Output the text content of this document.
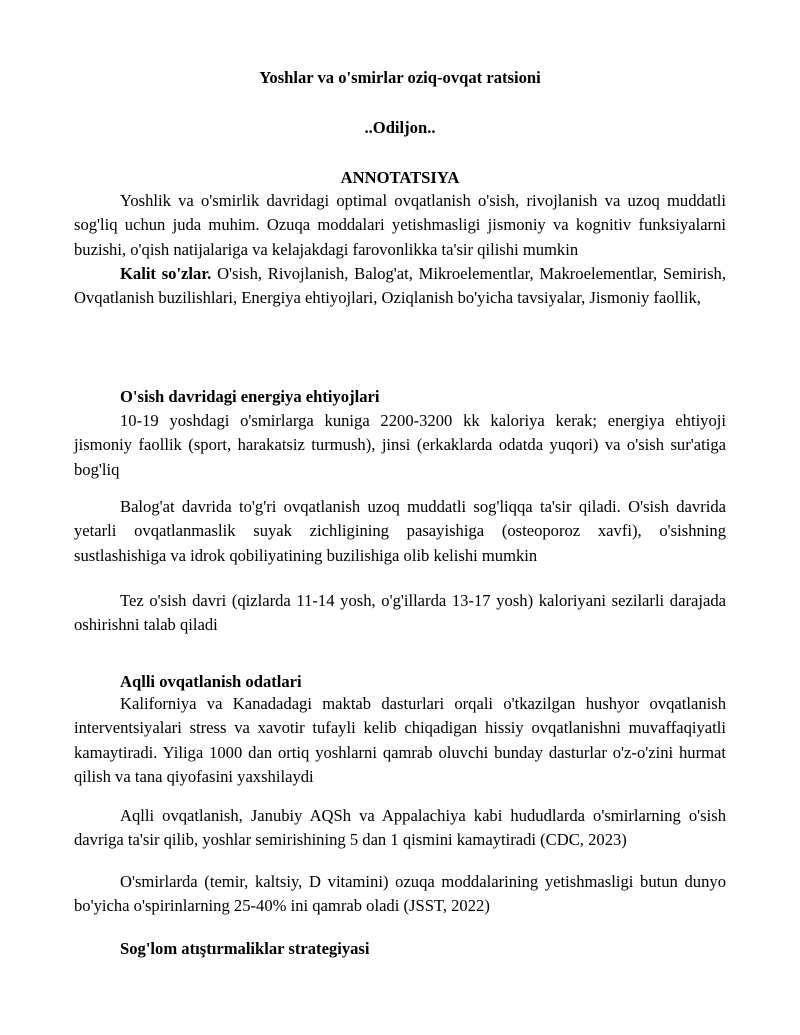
Yoshlar va o'smirlar oziq-ovqat ratsioni
..Odiljon..
ANNOTATSIYA
Yoshlik va o'smirlik davridagi optimal ovqatlanish o'sish, rivojlanish va uzoq muddatli sog'liq uchun juda muhim. Ozuqa moddalari yetishmasligi jismoniy va kognitiv funksiyalarni buzishi, o'qish natijalariga va kelajakdagi farovonlikka ta'sir qilishi mumkin
Kalit so'zlar. O'sish, Rivojlanish, Balog'at, Mikroelementlar, Makroelementlar, Semirish, Ovqatlanish buzilishlari, Energiya ehtiyojlari, Oziqlanish bo'yicha tavsiyalar, Jismoniy faollik,
O'sish davridagi energiya ehtiyojlari
10-19 yoshdagi o'smirlarga kuniga 2200-3200 kk kaloriya kerak; energiya ehtiyoji jismoniy faollik (sport, harakatsiz turmush), jinsi (erkaklarda odatda yuqori) va o'sish sur'atiga bog'liq
Balog'at davrida to'g'ri ovqatlanish uzoq muddatli sog'liqqa ta'sir qiladi. O'sish davrida yetarli ovqatlanmaslik suyak zichligining pasayishiga (osteoporoz xavfi), o'sishning sustlashishiga va idrok qobiliyatining buzilishiga olib kelishi mumkin
Tez o'sish davri (qizlarda 11-14 yosh, o'g'illarda 13-17 yosh) kaloriyani sezilarli darajada oshirishni talab qiladi
Aqlli ovqatlanish odatlari
Kaliforniya va Kanadadagi maktab dasturlari orqali o'tkazilgan hushyor ovqatlanish interventsiyalari stress va xavotir tufayli kelib chiqadigan hissiy ovqatlanishni muvaffaqiyatli kamaytiradi. Yiliga 1000 dan ortiq yoshlarni qamrab oluvchi bunday dasturlar o'z-o'zini hurmat qilish va tana qiyofasini yaxshilaydi
Aqlli ovqatlanish, Janubiy AQSh va Appalachiya kabi hududlarda o'smirlarning o'sish davriga ta'sir qilib, yoshlar semirishining 5 dan 1 qismini kamaytiradi (CDC, 2023)
O'smirlarda (temir, kaltsiy, D vitamini) ozuqa moddalarining yetishmasligi butun dunyo bo'yicha o'spirinlarning 25-40% ini qamrab oladi (JSST, 2022)
Sog'lom atıştırmaliklar strategiyasi
